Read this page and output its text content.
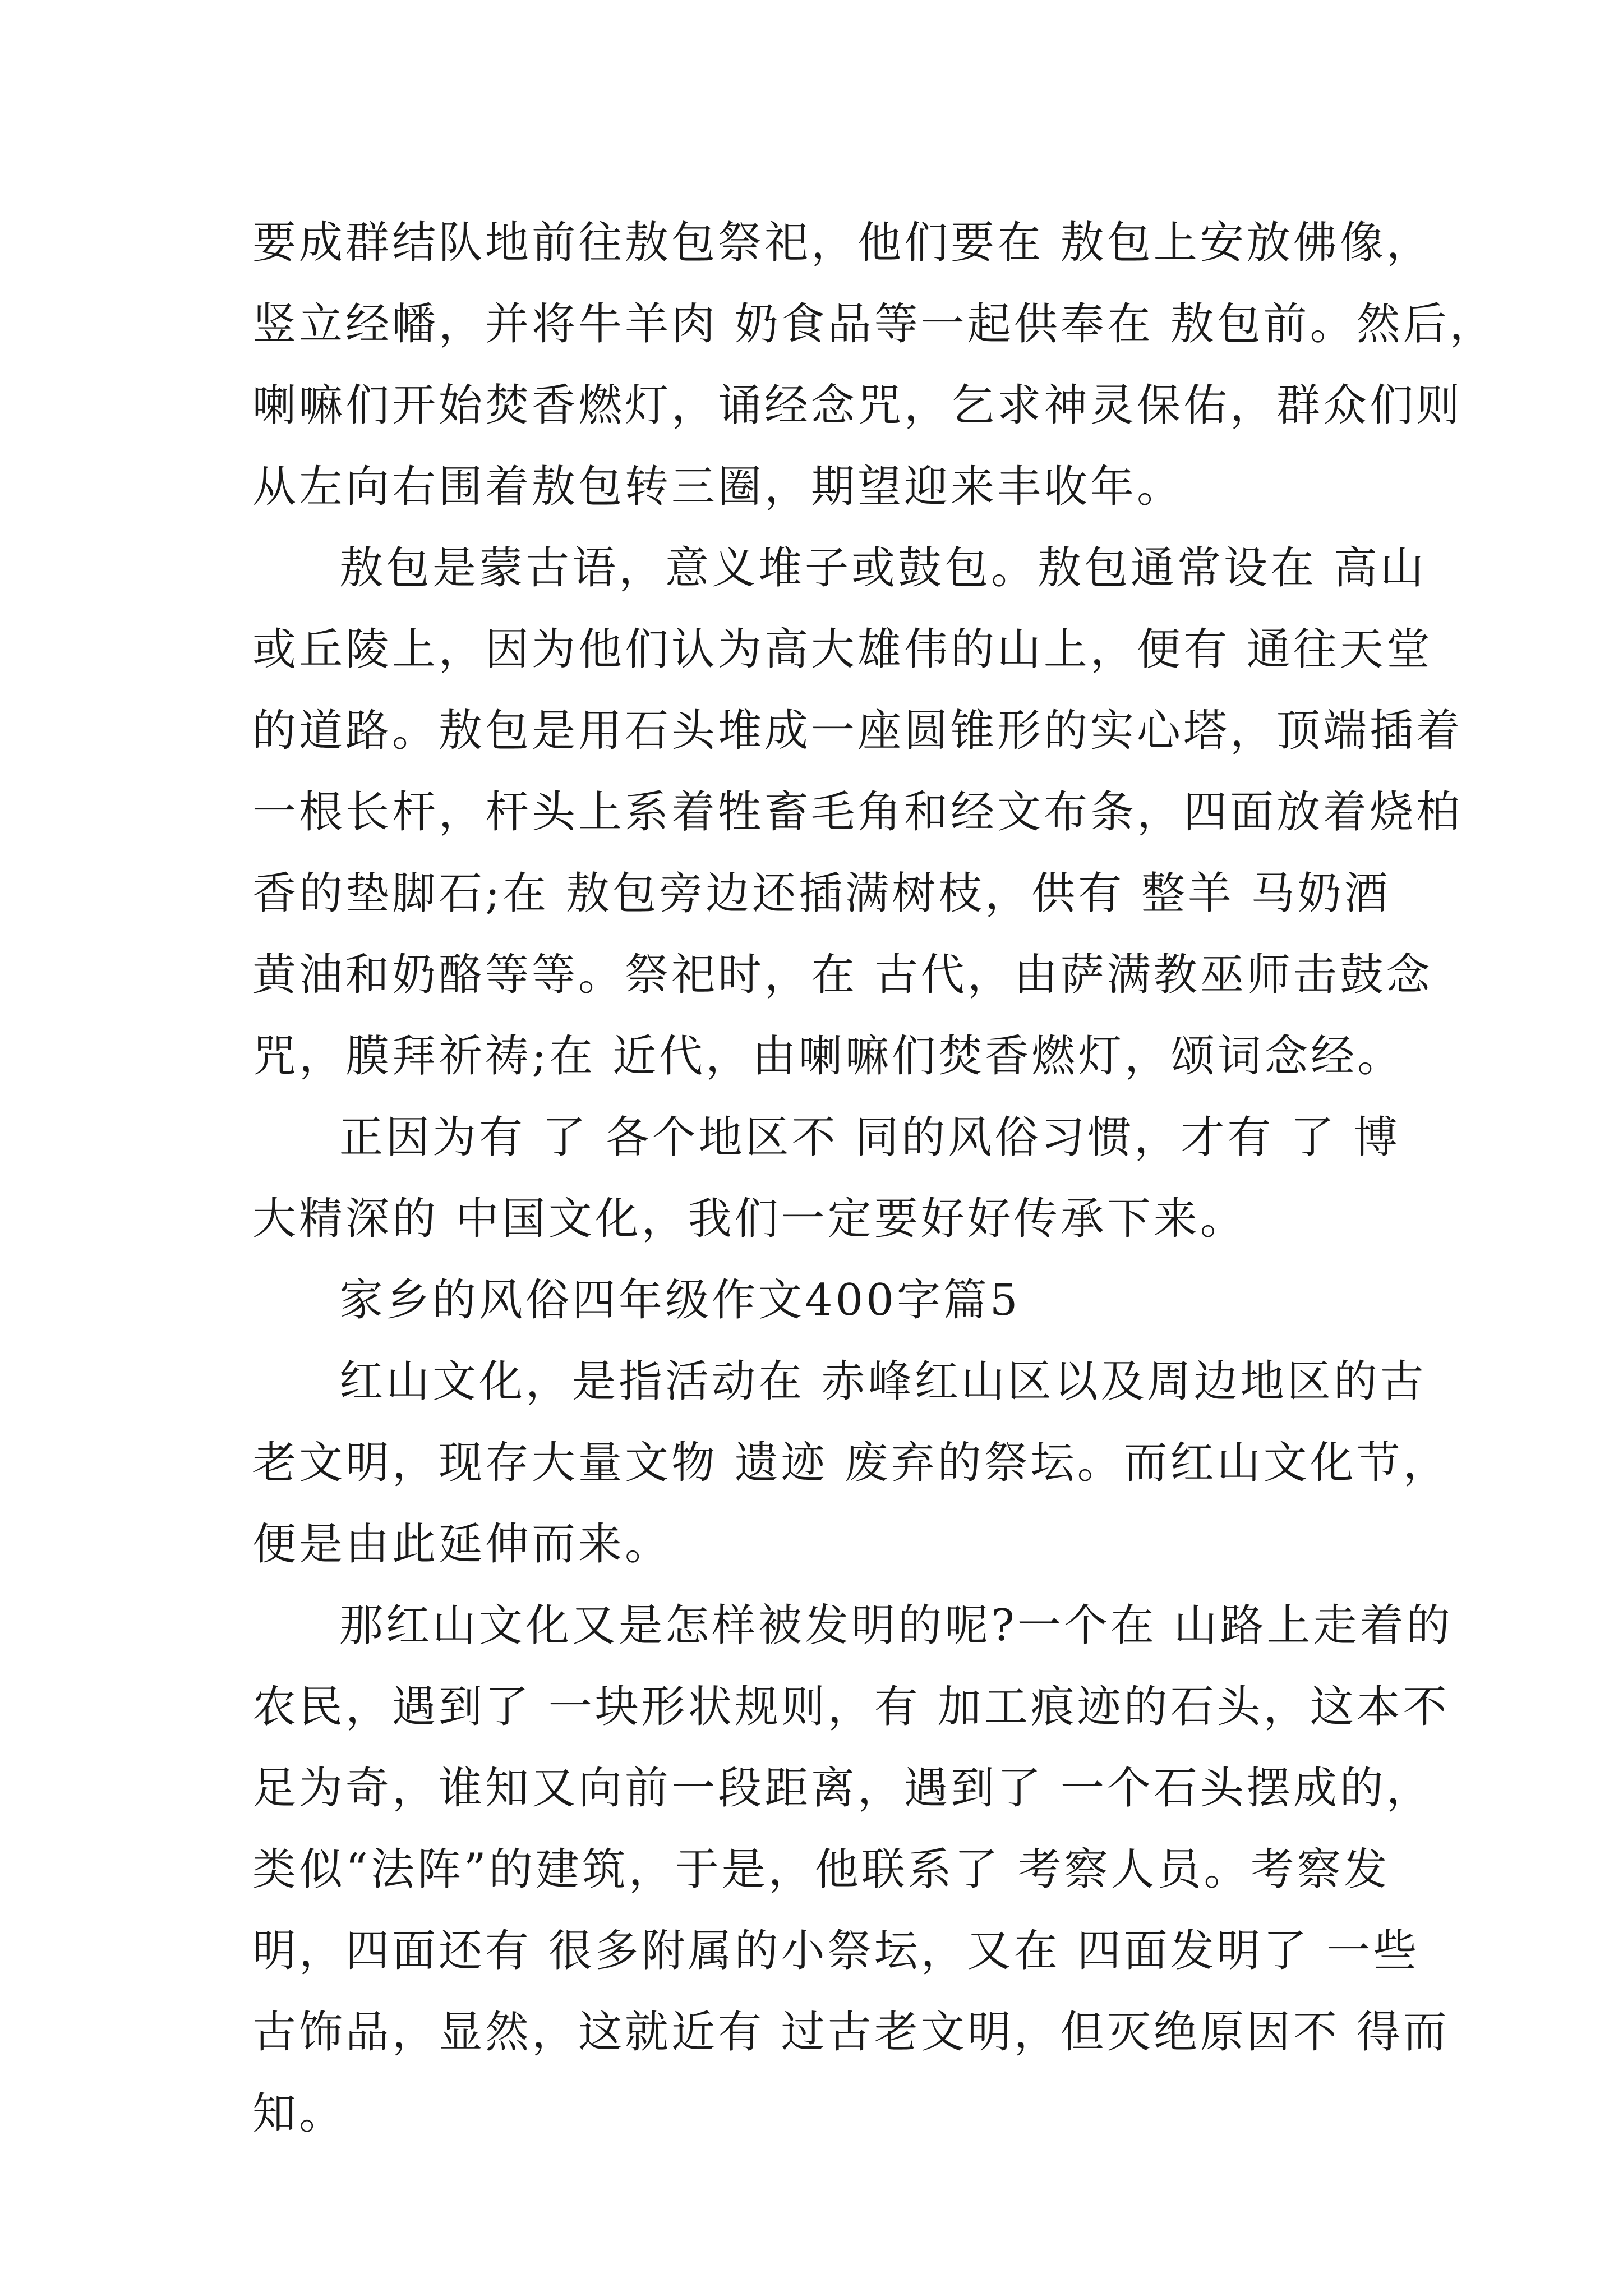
要成群结队地前往敖包祭祀，他们要在 敖包上安放佛像，
竖立经幡，并将牛羊肉 奶食品等一起供奉在 敖包前。然后，
喇嘛们开始焚香燃灯，诵经念咒，乞求神灵保佑，群众们则
从左向右围着敖包转三圈，期望迎来丰收年。
敖包是蒙古语，意义堆子或鼓包。敖包通常设在 高山
或丘陵上，因为他们认为高大雄伟的山上，便有 通往天堂
的道路。敖包是用石头堆成一座圆锥形的实心塔，顶端插着
一根长杆，杆头上系着牲畜毛角和经文布条，四面放着烧柏
香的垫脚石;在 敖包旁边还插满树枝，供有 整羊 马奶酒
黄油和奶酪等等。祭祀时，在 古代，由萨满教巫师击鼓念
咒，膜拜祈祷;在 近代，由喇嘛们焚香燃灯，颂词念经。
正因为有 了 各个地区不 同的风俗习惯，才有 了 博
大精深的 中国文化，我们一定要好好传承下来。
家乡的风俗四年级作文400字篇5
红山文化，是指活动在 赤峰红山区以及周边地区的古
老文明，现存大量文物 遗迹 废弃的祭坛。而红山文化节，
便是由此延伸而来。
那红山文化又是怎样被发明的呢?一个在 山路上走着的
农民，遇到了 一块形状规则，有 加工痕迹的石头，这本不
足为奇，谁知又向前一段距离，遇到了 一个石头摆成的，
类似“法阵”的建筑，于是，他联系了 考察人员。考察发
明，四面还有 很多附属的小祭坛，又在 四面发明了 一些
古饰品，显然，这就近有 过古老文明，但灭绝原因不 得而
知。
